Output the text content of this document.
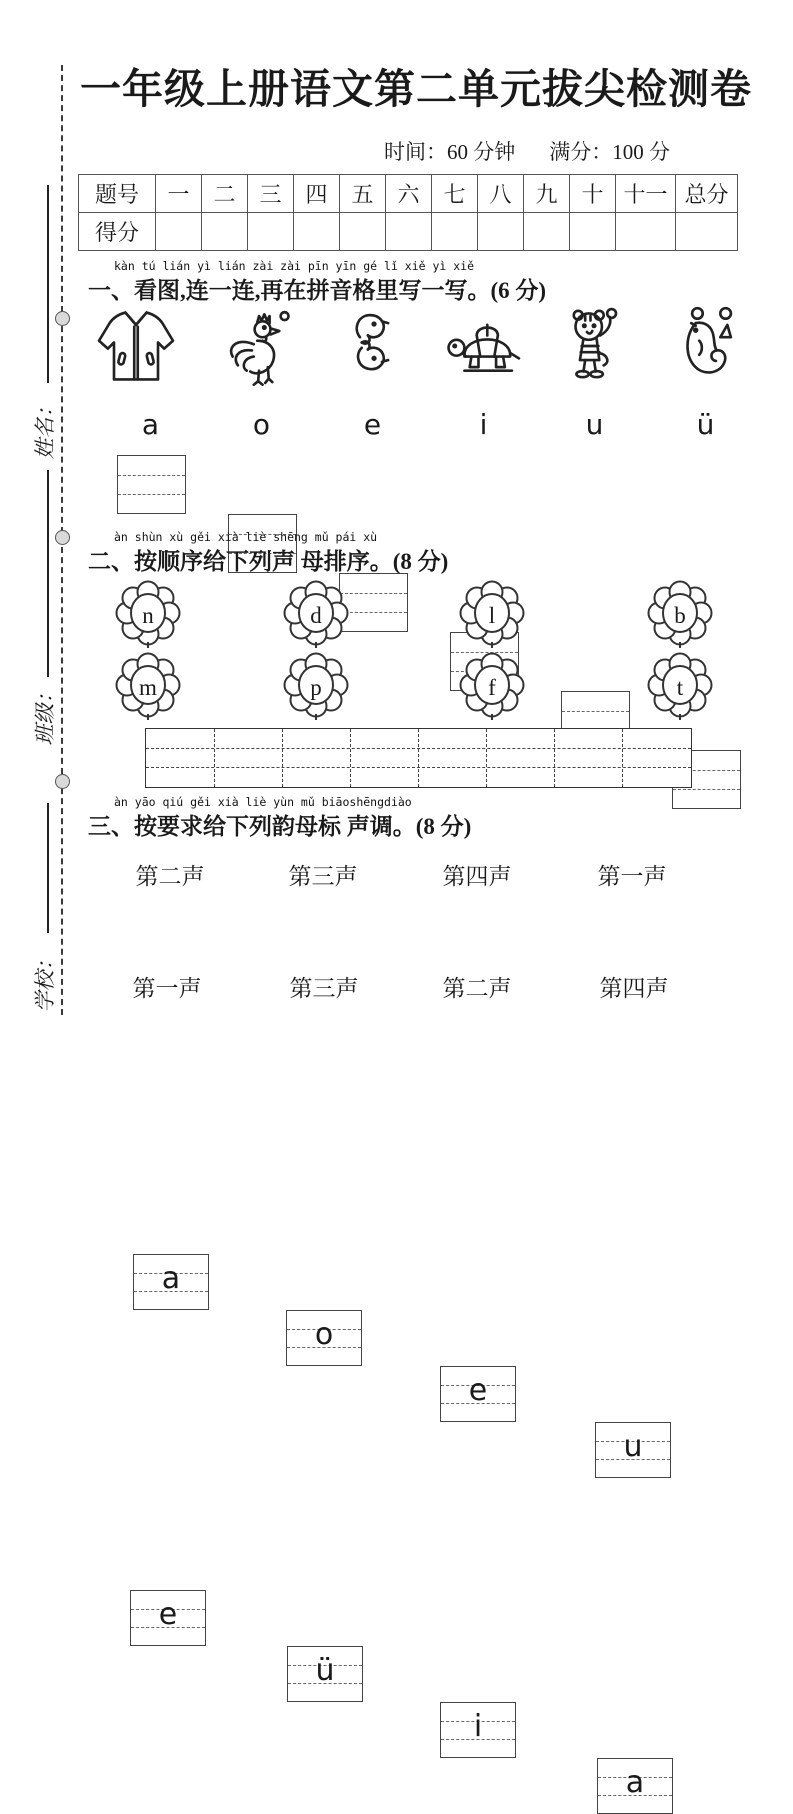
姓名：
班级：
学校：
一年级上册语文第二单元拔尖检测卷
时间：60 分钟 满分：100 分
题号	一	二	三	四	五	六	七	八	九	十 十一 总分
得分
kàn tú lián yì lián zài zài pīn yīn gé lǐ xiě yì xiě
一、看图,连一连,再在拼音格里写一写。(6 分)
a	o	e	i	u	ü
àn shùn xù gěi xià liè shēng mǔ pái xù
二、按顺序给下列声 母排序。(8 分)
n	d	l	b
m	p	f	t
àn yāo qiú gěi xià liè yùn mǔ biāoshēngdiào
三、按要求给下列韵母标 声调。(8 分)
第二声	第三声	第四声	第一声
a
o
e
u
第一声	第三声	第二声	第四声
e
ü
i
a
